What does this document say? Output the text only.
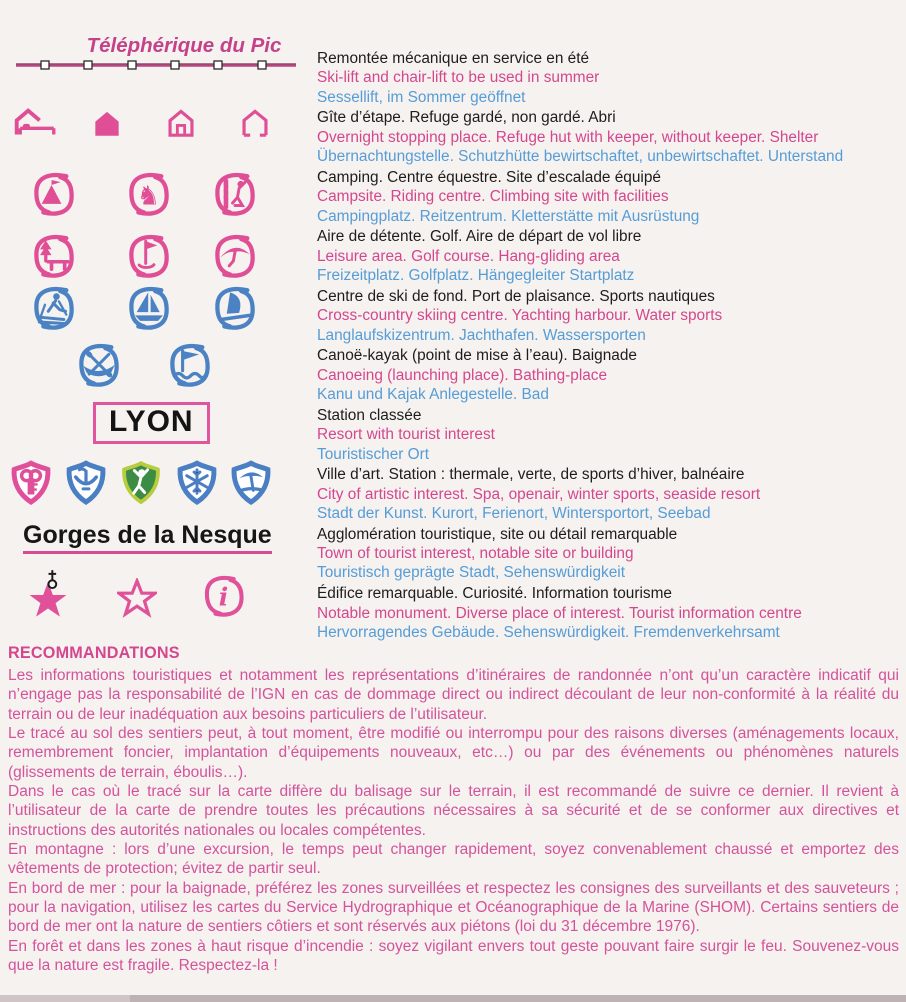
Téléphérique du Pic
♞
LYON
Gorges de la Nesque
i
Remontée mécanique en service en été
Ski-lift and chair-lift to be used in summer
Sessellift, im Sommer geöffnet
Gîte d’étape. Refuge gardé, non gardé. Abri
Overnight stopping place. Refuge hut with keeper, without keeper. Shelter
Übernachtungstelle. Schutzhütte bewirtschaftet, unbewirtschaftet. Unterstand
Camping. Centre équestre. Site d’escalade équipé
Campsite. Riding centre. Climbing site with facilities
Campingplatz. Reitzentrum. Kletterstätte mit Ausrüstung
Aire de détente. Golf. Aire de départ de vol libre
Leisure area. Golf course. Hang-gliding area
Freizeitplatz. Golfplatz. Hängegleiter Startplatz
Centre de ski de fond. Port de plaisance. Sports nautiques
Cross-country skiing centre. Yachting harbour. Water sports
Langlaufskizentrum. Jachthafen. Wassersporten
Canoë-kayak (point de mise à l’eau). Baignade
Canoeing (launching place). Bathing-place
Kanu und Kajak Anlegestelle. Bad
Station classée
Resort with tourist interest
Touristischer Ort
Ville d’art. Station : thermale, verte, de sports d’hiver, balnéaire
City of artistic interest. Spa, openair, winter sports, seaside resort
Stadt der Kunst. Kurort, Ferienort, Wintersportort, Seebad
Agglomération touristique, site ou détail remarquable
Town of tourist interest, notable site or building
Touristisch geprägte Stadt, Sehenswürdigkeit
Édifice remarquable. Curiosité. Information tourisme
Notable monument. Diverse place of interest. Tourist information centre
Hervorragendes Gebäude. Sehenswürdigkeit. Fremdenverkehrsamt
RECOMMANDATIONS
Les informations touristiques et notamment les représentations d’itinéraires de randonnée n’ont qu’un caractère indicatif qui n’engage pas la responsabilité de l’IGN en cas de dommage direct ou indirect découlant de leur non-conformité à la réalité du terrain ou de leur inadéquation aux besoins particuliers de l’utilisateur.
Le tracé au sol des sentiers peut, à tout moment, être modifié ou interrompu pour des raisons diverses (aménagements locaux, remembrement foncier, implantation d’équipements nouveaux, etc…) ou par des événements ou phénomènes naturels (glissements de terrain, éboulis…).
Dans le cas où le tracé sur la carte diffère du balisage sur le terrain, il est recommandé de suivre ce dernier. Il revient à l’utilisateur de la carte de prendre toutes les précautions nécessaires à sa sécurité et de se conformer aux directives et instructions des autorités nationales ou locales compétentes.
En montagne : lors d’une excursion, le temps peut changer rapidement, soyez convenablement chaussé et emportez des vêtements de protection; évitez de partir seul.
En bord de mer : pour la baignade, préférez les zones surveillées et respectez les consignes des surveillants et des sauveteurs ; pour la navigation, utilisez les cartes du Service Hydrographique et Océanographique de la Marine (SHOM). Certains sentiers de bord de mer ont la nature de sentiers côtiers et sont réservés aux piétons (loi du 31 décembre 1976).
En forêt et dans les zones à haut risque d’incendie : soyez vigilant envers tout geste pouvant faire surgir le feu. Souvenez-vous que la nature est fragile. Respectez-la !
